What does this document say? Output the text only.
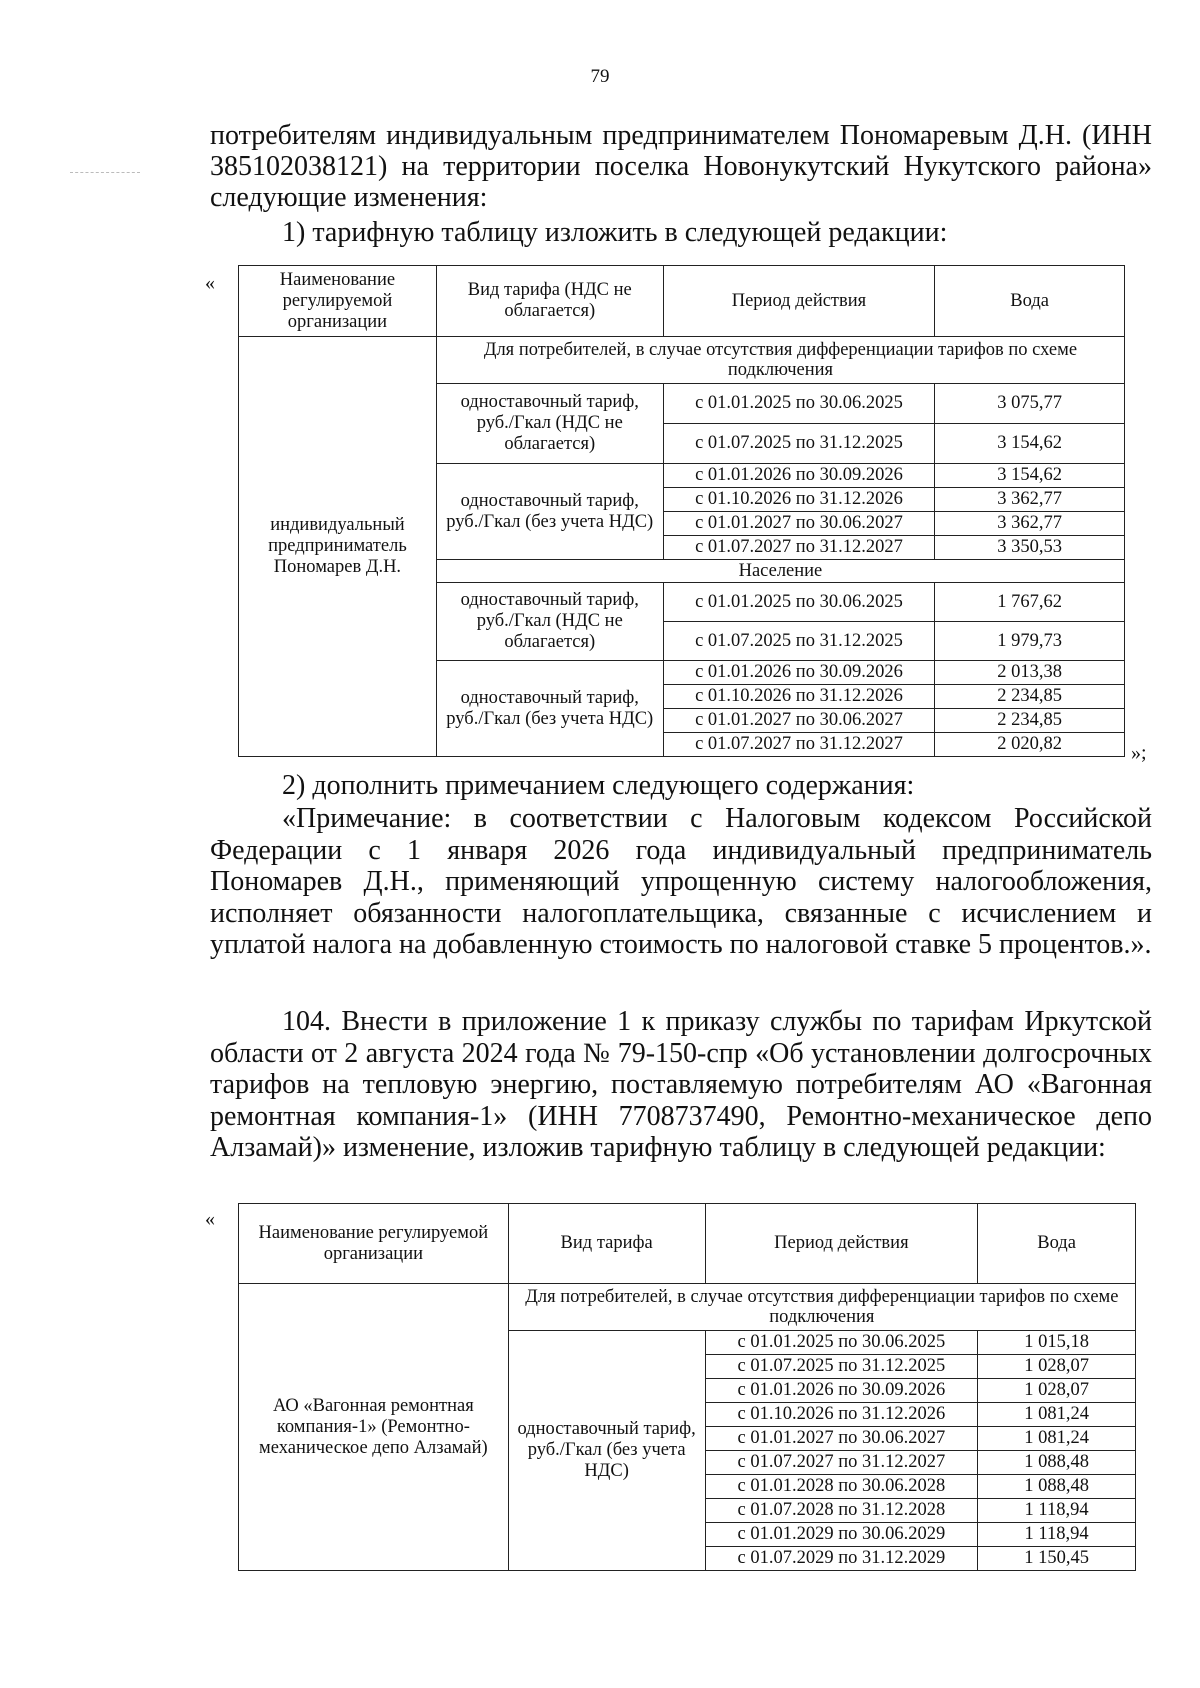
79

потребителям индивидуальным предпринимателем Пономаревым Д.Н. (ИНН 385102038121) на территории поселка Новонукутский Нукутского района» следующие изменения:

1) тарифную таблицу изложить в следующей редакции:

«	Наименование регулируемой организации	Вид тарифа (НДС не облагается)	Период действия	Вода
индивидуальный предприниматель Пономарев Д.Н.	Для потребителей, в случае отсутствия дифференциации тарифов по схеме подключения		
	одноставочный тариф, руб./Гкал (НДС не облагается)	с 01.01.2025 по 30.06.2025	3 075,77
		с 01.07.2025 по 31.12.2025	3 154,62
	одноставочный тариф, руб./Гкал (без учета НДС)	с 01.01.2026 по 30.09.2026	3 154,62
		с 01.10.2026 по 31.12.2026	3 362,77
		с 01.01.2027 по 30.06.2027	3 362,77
		с 01.07.2027 по 31.12.2027	3 350,53
	Население		
	одноставочный тариф, руб./Гкал (НДС не облагается)	с 01.01.2025 по 30.06.2025	1 767,62
		с 01.07.2025 по 31.12.2025	1 979,73
	одноставочный тариф, руб./Гкал (без учета НДС)	с 01.01.2026 по 30.09.2026	2 013,38
		с 01.10.2026 по 31.12.2026	2 234,85
		с 01.01.2027 по 30.06.2027	2 234,85
		с 01.07.2027 по 31.12.2027	2 020,82	»;

2) дополнить примечанием следующего содержания:

«Примечание: в соответствии с Налоговым кодексом Российской Федерации с 1 января 2026 года индивидуальный предприниматель Пономарев Д.Н., применяющий упрощенную систему налогообложения, исполняет обязанности налогоплательщика, связанные с исчислением и уплатой налога на добавленную стоимость по налоговой ставке 5 процентов.».

104. Внести в приложение 1 к приказу службы по тарифам Иркутской области от 2 августа 2024 года № 79-150-спр «Об установлении долгосрочных тарифов на тепловую энергию, поставляемую потребителям АО «Вагонная ремонтная компания-1» (ИНН 7708737490, Ремонтно-механическое депо Алзамай)» изменение, изложив тарифную таблицу в следующей редакции:

«
Наименование регулируемой организации	Вид тарифа	Период действия	Вода
АО «Вагонная ремонтная компания-1» (Ремонтно-механическое депо Алзамай)	Для потребителей, в случае отсутствия дифференциации тарифов по схеме подключения		
	одноставочный тариф, руб./Гкал (без учета НДС)	с 01.01.2025 по 30.06.2025	1 015,18
		с 01.07.2025 по 31.12.2025	1 028,07
		с 01.01.2026 по 30.09.2026	1 028,07
		с 01.10.2026 по 31.12.2026	1 081,24
		с 01.01.2027 по 30.06.2027	1 081,24
		с 01.07.2027 по 31.12.2027	1 088,48
		с 01.01.2028 по 30.06.2028	1 088,48
		с 01.07.2028 по 31.12.2028	1 118,94
		с 01.01.2029 по 30.06.2029	1 118,94
		с 01.07.2029 по 31.12.2029	1 150,45
